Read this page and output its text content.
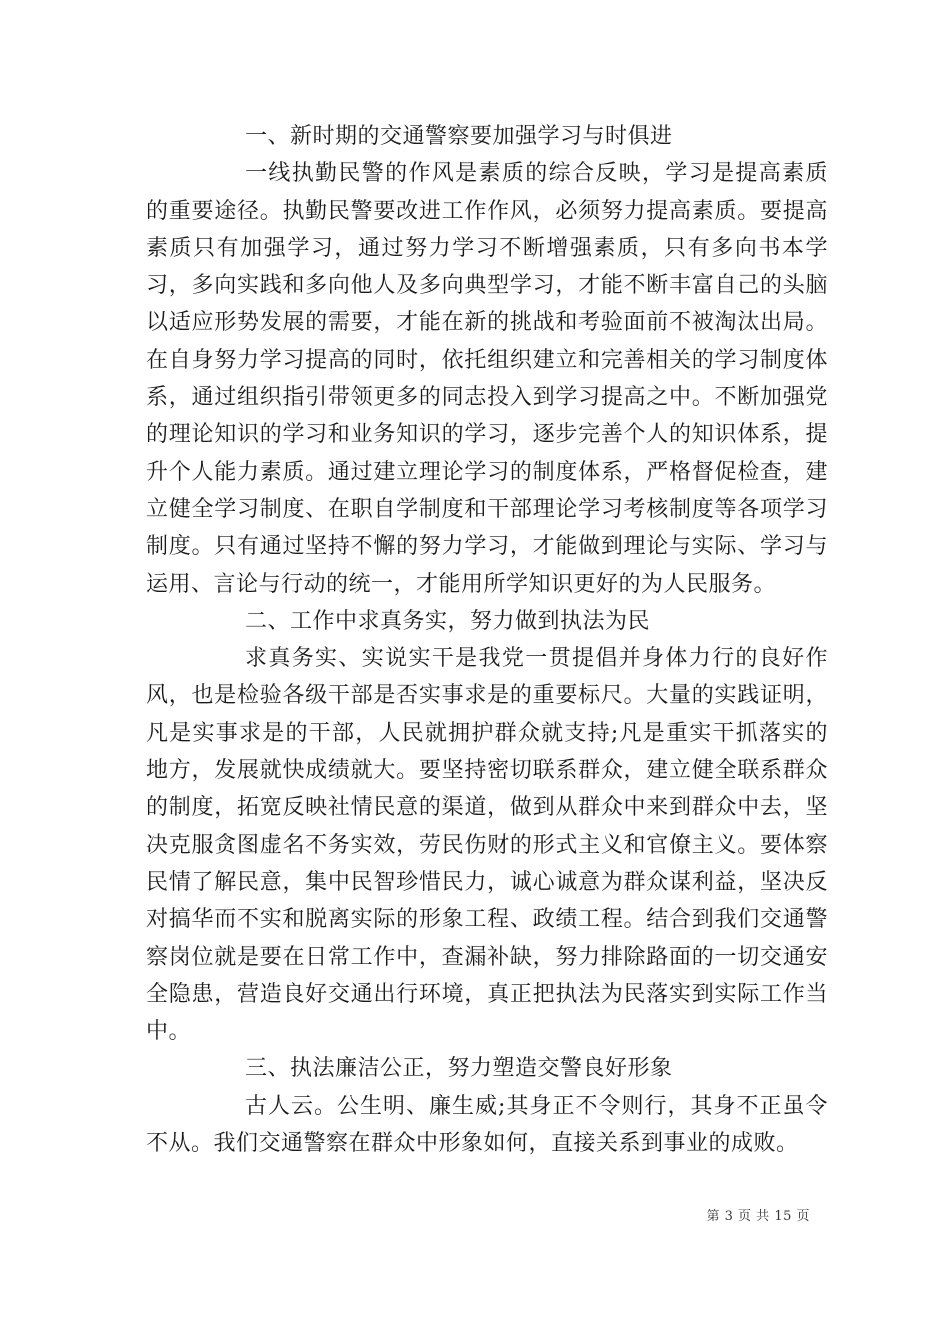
一、新时期的交通警察要加强学习与时俱进

一线执勤民警的作风是素质的综合反映，学习是提高素质的重要途径。执勤民警要改进工作作风，必须努力提高素质。要提高素质只有加强学习，通过努力学习不断增强素质，只有多向书本学习，多向实践和多向他人及多向典型学习，才能不断丰富自己的头脑以适应形势发展的需要，才能在新的挑战和考验面前不被淘汰出局。在自身努力学习提高的同时，依托组织建立和完善相关的学习制度体系，通过组织指引带领更多的同志投入到学习提高之中。不断加强党的理论知识的学习和业务知识的学习，逐步完善个人的知识体系，提升个人能力素质。通过建立理论学习的制度体系，严格督促检查，建立健全学习制度、在职自学制度和干部理论学习考核制度等各项学习制度。只有通过坚持不懈的努力学习，才能做到理论与实际、学习与运用、言论与行动的统一，才能用所学知识更好的为人民服务。

二、工作中求真务实，努力做到执法为民

求真务实、实说实干是我党一贯提倡并身体力行的良好作风，也是检验各级干部是否实事求是的重要标尺。大量的实践证明，凡是实事求是的干部，人民就拥护群众就支持;凡是重实干抓落实的地方，发展就快成绩就大。要坚持密切联系群众，建立健全联系群众的制度，拓宽反映社情民意的渠道，做到从群众中来到群众中去，坚决克服贪图虚名不务实效，劳民伤财的形式主义和官僚主义。要体察民情了解民意，集中民智珍惜民力，诚心诚意为群众谋利益，坚决反对搞华而不实和脱离实际的形象工程、政绩工程。结合到我们交通警察岗位就是要在日常工作中，查漏补缺，努力排除路面的一切交通安全隐患，营造良好交通出行环境，真正把执法为民落实到实际工作当中。

三、执法廉洁公正，努力塑造交警良好形象

古人云。公生明、廉生威;其身正不令则行，其身不正虽令不从。我们交通警察在群众中形象如何，直接关系到事业的成败。

第 3 页 共 15 页
